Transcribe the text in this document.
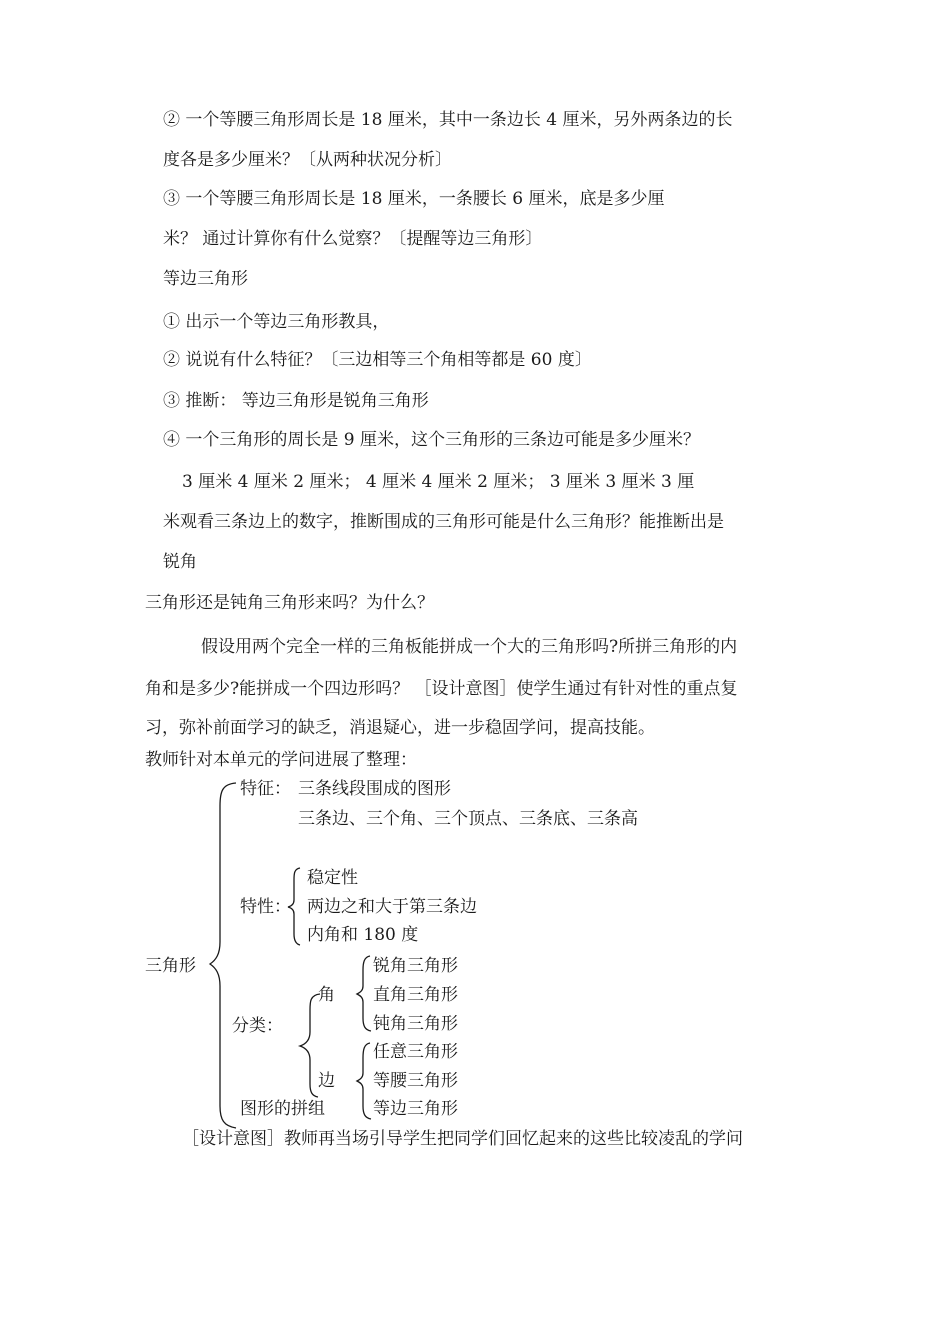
② 一个等腰三角形周长是 18 厘米，其中一条边长 4 厘米，另外两条边的长
度各是多少厘米？〔从两种状况分析〕
③ 一个等腰三角形周长是 18 厘米，一条腰长 6 厘米，底是多少厘
米？ 通过计算你有什么觉察？〔提醒等边三角形〕
等边三角形
① 出示一个等边三角形教具，
② 说说有什么特征？〔三边相等三个角相等都是 60 度〕
③ 推断： 等边三角形是锐角三角形
④ 一个三角形的周长是 9 厘米，这个三角形的三条边可能是多少厘米？
3 厘米 4 厘米 2 厘米； 4 厘米 4 厘米 2 厘米； 3 厘米 3 厘米 3 厘
米观看三条边上的数字，推断围成的三角形可能是什么三角形？能推断出是
锐角
三角形还是钝角三角形来吗？为什么？
假设用两个完全一样的三角板能拼成一个大的三角形吗?所拼三角形的内
角和是多少?能拼成一个四边形吗？ ［设计意图］使学生通过有针对性的重点复
习，弥补前面学习的缺乏，消退疑心，进一步稳固学问，提高技能。
教师针对本单元的学问进展了整理：
三角形
特征： 三条线段围成的图形
三条边、三个角、三个顶点、三条底、三条高
特性：
稳定性
两边之和大于第三条边
内角和 180 度
分类：
角
锐角三角形
直角三角形
钝角三角形
边
任意三角形
等腰三角形
等边三角形
图形的拼组
［设计意图］教师再当场引导学生把同学们回忆起来的这些比较凌乱的学问
